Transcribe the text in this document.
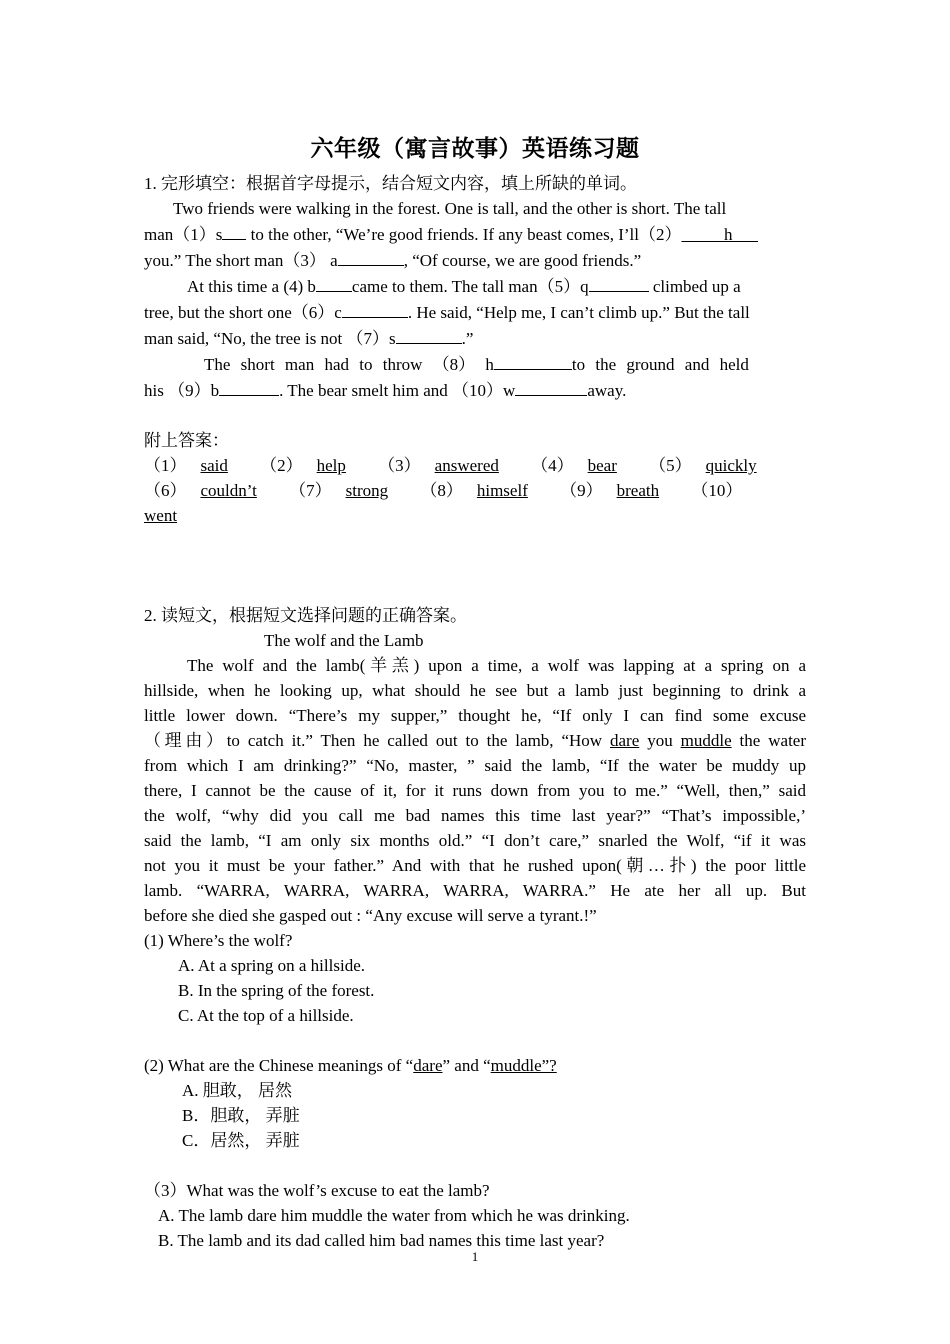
六年级（寓言故事）英语练习题

1. 完形填空：根据首字母提示，结合短文内容，填上所缺的单词。

Two friends were walking in the forest. One is tall, and the other is short. The tall

man（1）s to the other, “We’re good friends. If any beast comes, I’ll（2）	h

you.” The short man（3） a	, “Of course, we are good friends.”

At this time a (4) b came to them. The tall man（5）q	climbed up a

tree, but the short one（6）c	. He said, “Help me, I can’t climb up.” But the tall

man said, “No, the tree is not （7）s	.”

The short man had to throw （8） h	to the ground and held

his （9）b	. The bear smelt him and （10）w	away.

附上答案：

（1） said （2） help （3） answered （4） bear （5） quickly

（6） couldn’t （7） strong （8） himself （9） breath （10）went

2. 读短文，根据短文选择问题的正确答案。

The wolf and the Lamb

The wolf and the lamb(羊羔) upon a time, a wolf was lapping at a spring on a

hillside, when he looking up, what should he see but a lamb just beginning to drink a

little lower down. “There’s my supper,” thought he, “If only I can find some excuse

（理由）to catch it.” Then he called out to the lamb, “How dare you muddle the water

from which I am drinking?” “No, master, ” said the lamb, “If the water be muddy up

there, I cannot be the cause of it, for it runs down from you to me.” “Well, then,” said

the wolf, “why did you call me bad names this time last year?” “That’s impossible,’

said the lamb, “I am only six months old.” “I don’t care,” snarled the Wolf, “if it was

not you it must be your father.” And with that he rushed upon(朝…扑) the poor little

lamb. “WARRA, WARRA, WARRA, WARRA, WARRA.” He ate her all up. But

before she died she gasped out : “Any excuse will serve a tyrant.!”

(1) Where’s the wolf?

A. At a spring on a hillside.

B. In the spring of the forest.

C. At the top of a hillside.

(2) What are the Chinese meanings of “dare” and “muddle”?

A. 胆敢， 居然

B．胆敢， 弄脏

C．居然， 弄脏

（3）What was the wolf’s excuse to eat the lamb?

A. The lamb dare him muddle the water from which he was drinking.

B. The lamb and its dad called him bad names this time last year?

1
